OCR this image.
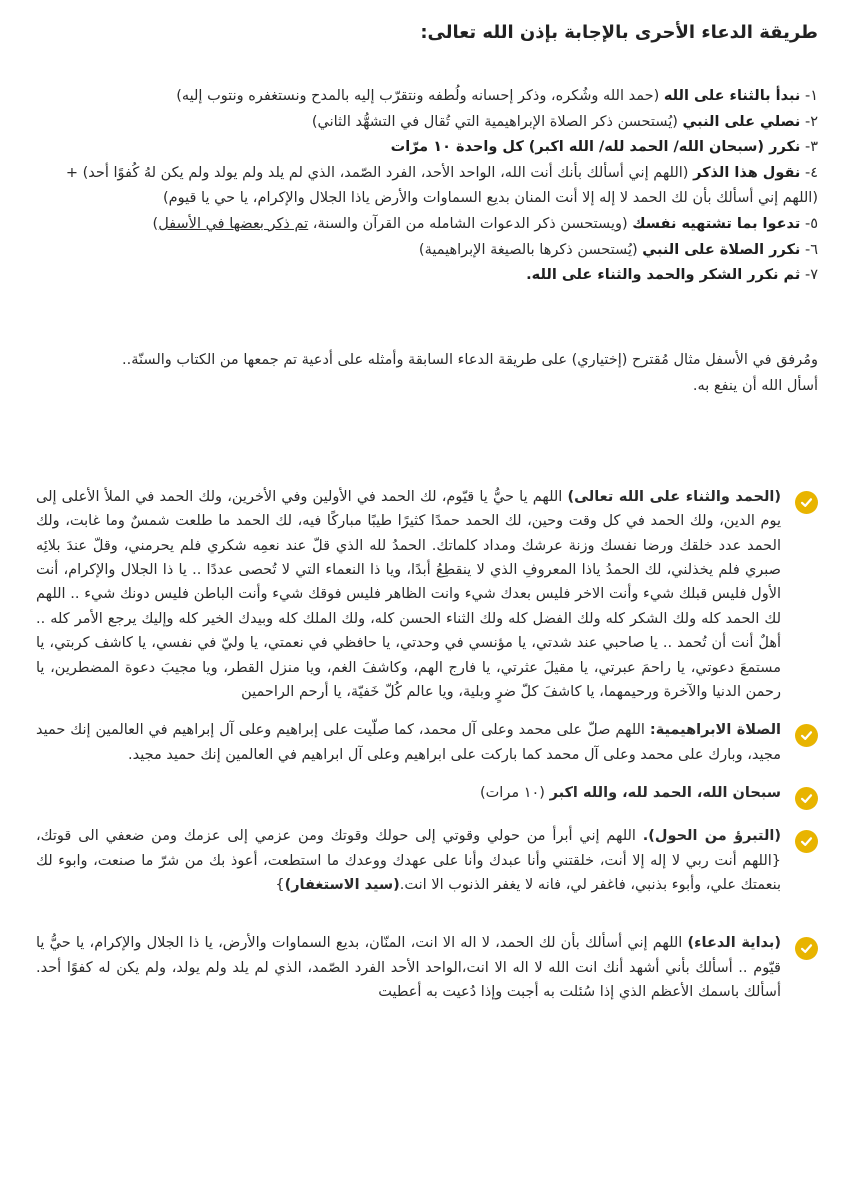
طريقة الدعاء الأحرى بالإجابة بإذن الله تعالى:

١- نبدأ بالثناء على الله (حمد الله وشُكره، وذكر إحسانه ولُطفه ونتقرّب إليه بالمدح ونستغفره ونتوب إليه)

٢- نصلي على النبي (يُستحسن ذكر الصلاة الإبراهيمية التي تُقال في التشهُّد الثاني)

٣- نكرر (سبحان الله/ الحمد لله/ الله اكبر) كل واحدة ١٠ مرّات

٤- نقول هذا الذكر (اللهم إني أسألك بأنك أنت الله، الواحد الأحد، الفرد الصّمد، الذي لم يلد ولم يولد ولم يكن لهُ كُفوًا أحد) + (اللهم إني أسألك بأن لك الحمد لا إله إلا أنت المنان بديع السماوات والأرض ياذا الجلال والإكرام، يا حي يا قيوم)

٥- تدعوا بما تشتهيه نفسك (ويستحسن ذكر الدعوات الشامله من القرآن والسنة، تم ذكر بعضها في الأسفل)

٦- نكرر الصلاة على النبي (يُستحسن ذكرها بالصيغة الإبراهيمية)

٧- ثم نكرر الشكر والحمد والثناء على الله.

ومُرفق في الأسفل مثال مُقترح (إختياري) على طريقة الدعاء السابقة وأمثله على أدعية تم جمعها من الكتاب والسنّة..
أسأل الله أن ينفع به.
(الحمد والثناء على الله تعالى) اللهم يا حيُّ يا قيّوم، لك الحمد في الأولين وفي الأخرين، ولك الحمد في الملأ الأعلى إلى يوم الدين، ولك الحمد في كل وقت وحين، لك الحمد حمدًا كثيرًا طيبًا مباركًا فيه، لك الحمد ما طلعت شمسٌ وما غابت، ولك الحمد عدد خلقك ورضا نفسك وزنة عرشك ومداد كلماتك. الحمدُ لله الذي قلّ عند نعمِه شكري فلم يحرمني، وقلّ عندَ بلائِه صبري فلم يخذلني، لك الحمدُ ياذا المعروفِ الذي لا ينقطِعُ أبدًا، ويا ذا النعماء التي لا تُحصى عددًا .. يا ذا الجلال والإكرام، أنت الأول فليس قبلك شيء وأنت الاخر فليس بعدك شيء وانت الظاهر فليس فوقك شيء وأنت الباطن فليس دونك شيء .. اللهم لك الحمد كله ولك الشكر كله ولك الفضل كله ولك الثناء الحسن كله، ولك الملك كله وبيدك الخير كله وإليك يرجع الأمر كله .. أهلٌ أنت أن تُحمد .. يا صاحبي عند شدتي، يا مؤنسي في وحدتي، يا حافظي في نعمتي، يا وليّ في نفسي، يا كاشف كربتي، يا مستمعَ دعوتي، يا راحمَ عبرتي، يا مقيلَ عثرتي، يا فارج الهم، وكاشفَ الغم، ويا منزل القطر، ويا مجيبَ دعوة المضطرين، يا رحمن الدنيا والآخرة ورحيمهما، يا كاشفَ كلّ ضرٍ وبلية، ويا عالم كُلّ خَفيّة، يا أرحم الراحمين
الصلاة الابراهيمية: اللهم صلّ على محمد وعلى آل محمد، كما صلّيت على إبراهيم وعلى آل إبراهيم في العالمين إنك حميد مجيد، وبارك على محمد وعلى آل محمد كما باركت على ابراهيم وعلى آل ابراهيم في العالمين إنك حميد مجيد.
سبحان الله، الحمد لله، والله اكبر (١٠ مرات)
(التبرؤ من الحول). اللهم إني أبرأ من حولي وقوتي إلى حولك وقوتك ومن عزمي إلى عزمك ومن ضعفي الى قوتك، {اللهم أنت ربي لا إله إلا أنت، خلقتني وأنا عبدك وأنا على عهدك ووعدك ما استطعت، أعوذ بك من شرّ ما صنعت، وابوء لك بنعمتك علي، وأبوء بذنبي، فاغفر لي، فانه لا يغفر الذنوب الا انت.(سيد الاستغفار)}
(بداية الدعاء) اللهم إني أسألك بأن لك الحمد، لا اله الا انت، المنّان، بديع السماوات والأرض، يا ذا الجلال والإكرام، يا حيُّ يا قيّوم .. أسألك بأني أشهد أنك انت الله لا اله الا انت،الواحد الأحد الفرد الصّمد، الذي لم يلد ولم يولد، ولم يكن له كفوًا أحد. أسألك باسمك الأعظم الذي إذا سُئلت به أجبت وإذا دُعيت به أعطيت
